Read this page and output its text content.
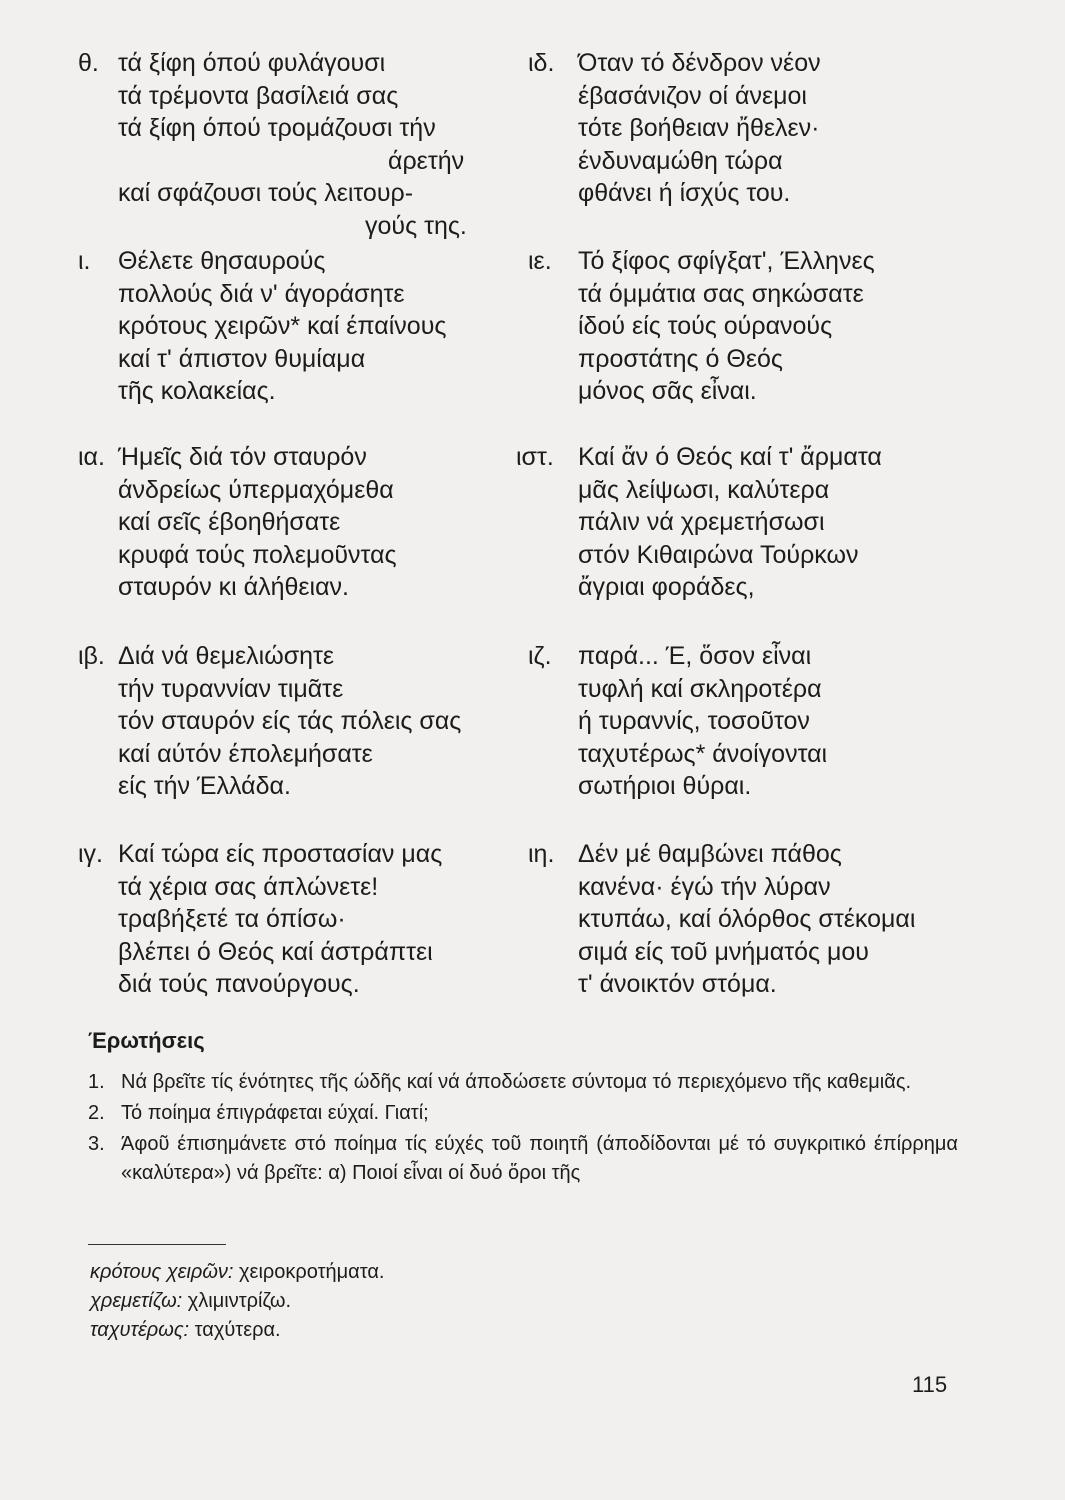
θ. τά ξίφη όπού φυλάγουσι
τά τρέμοντα βασίλειά σας
τά ξίφη όπού τρομάζουσι τήν
άρετήν
καί σφάζουσι τούς λειτουρ-
γούς της.
ι. Θέλετε θησαυρούς
πολλούς διά ν' άγοράσητε
κρότους χειρῶν* καί έπαίνους
καί τ' άπιστον θυμίαμα
τῆς κολακείας.
ια. Ήμεῖς διά τόν σταυρόν
άνδρείως ύπερμαχόμεθα
καί σεῖς έβοηθήσατε
κρυφά τούς πολεμοῦντας
σταυρόν κι άλήθειαν.
ιβ. Διά νά θεμελιώσητε
τήν τυραννίαν τιμᾶτε
τόν σταυρόν είς τάς πόλεις σας
καί αύτόν έπολεμήσατε
είς τήν Έλλάδα.
ιγ. Καί τώρα είς προστασίαν μας
τά χέρια σας άπλώνετε!
τραβήξετέ τα όπίσω·
βλέπει ό Θεός καί άστράπτει
διά τούς πανούργους.
ιδ. Όταν τό δένδρον νέον
έβασάνιζον οί άνεμοι
τότε βοήθειαν ἤθελεν·
ένδυναμώθη τώρα
φθάνει ή ίσχύς του.
ιε. Τό ξίφος σφίγξατ', Έλληνες
τά όμμάτια σας σηκώσατε
ίδού είς τούς ούρανούς
προστάτης ό Θεός
μόνος σᾶς εἶναι.
ιστ. Καί ἄν ό Θεός καί τ' ἄρματα
μᾶς λείψωσι, καλύτερα
πάλιν νά χρεμετήσωσι
στόν Κιθαιρώνα Τούρκων
ἄγριαι φοράδες,
ιζ. παρά... Έ, ὅσον εἶναι
τυφλή καί σκληροτέρα
ή τυραννίς, τοσοῦτον
ταχυτέρως* άνοίγονται
σωτήριοι θύραι.
ιη. Δέν μέ θαμβώνει πάθος
κανένα· έγώ τήν λύραν
κτυπάω, καί όλόρθος στέκομαι
σιμά είς τοῦ μνήματός μου
τ' άνοικτόν στόμα.
Έρωτήσεις
1. Νά βρεῖτε τίς ένότητες τῆς ώδῆς καί νά άποδώσετε σύντομα τό περιεχόμενο τῆς καθεμιᾶς.
2. Τό ποίημα έπιγράφεται εύχαί. Γιατί;
3. Άφοῦ έπισημάνετε στό ποίημα τίς εύχές τοῦ ποιητῆ (άποδίδονται μέ τό συγκριτικό έπίρρημα «καλύτερα») νά βρεῖτε: α) Ποιοί εἶναι οί δυό ὅροι τῆς
κρότους χειρῶν: χειροκροτήματα.
χρεμετίζω: χλιμιντρίζω.
ταχυτέρως: ταχύτερα.
115
